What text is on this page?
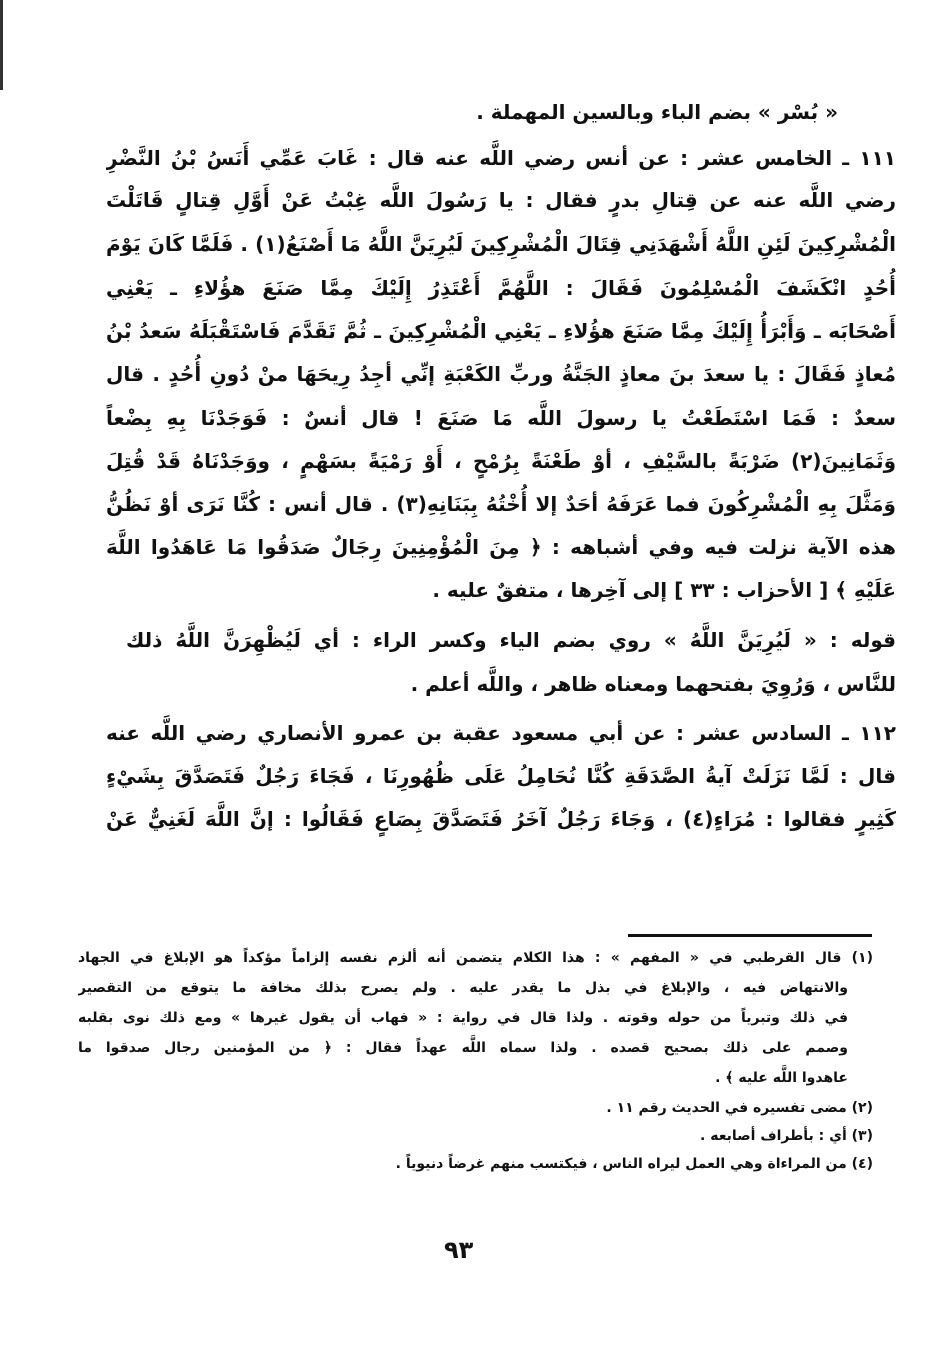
« بُسْر » بضم الباء وبالسين المهملة .
١١١ ـ الخامس عشر : عن أنس رضي اللَّه عنه قال : غَابَ عَمِّي أَنَسُ بْنُ النَّضْرِ
رضي اللَّه عنه عن قِتالِ بدرٍ فقال : يا رَسُولَ اللَّه غِبْتُ عَنْ أَوَّلِ قِتالٍ قَاتَلْتَ
الْمُشْرِكِينَ لَئِنِ اللَّهُ أَشْهَدَنِي قِتَالَ الْمُشْرِكِينَ لَيُرِيَنَّ اللَّهُ مَا أَصْنَعُ(١) . فَلَمَّا كَانَ يَوْمَ
أُحُدٍ انْكَشَفَ الْمُسْلِمُونَ فَقَالَ : اللَّهُمَّ أَعْتَذِرُ إِلَيْكَ مِمَّا صَنَعَ هؤُلاءِ ـ يَعْنِي
أَصْحَابَه ـ وَأَبْرَأُ إِلَيْكَ مِمَّا صَنَعَ هؤُلاءِ ـ يَعْنِي الْمُشْرِكِينَ ـ ثُمَّ تَقَدَّمَ فَاسْتَقْبَلَهُ سَعدُ بْنُ
مُعاذٍ فَقَالَ : يا سعدَ بنَ معاذٍ الجَنَّةُ وربِّ الكَعْبَةِ إنِّي أجِدُ رِيحَهَا منْ دُونِ أُحُدٍ . قال
سعدٌ : فَمَا اسْتَطَعْتُ يا رسولَ اللَّه مَا صَنَعَ ! قال أنسٌ : فَوَجَدْنَا بِهِ بِضْعاً
وَثَمَانِينَ(٢) ضَرْبَةً بالسَّيْفِ ، أوْ طَعْنَةً بِرُمْحٍ ، أَوْ رَمْيَةً بسَهْمٍ ، ووَجَدْنَاهُ قَدْ قُتِلَ
وَمَثَّلَ بِهِ الْمُشْرِكُونَ فما عَرَفَهُ أحَدٌ إلا أُخْتُهُ بِبَنَانِهِ(٣) . قال أنس : كُنَّا نَرَى أوْ نَظُنُّ
هذه الآية نزلت فيه وفي أشباهه : ﴿ مِنَ الْمُؤْمِنِينَ رِجَالٌ صَدَقُوا مَا عَاهَدُوا اللَّهَ
عَلَيْهِ ﴾ [ الأحزاب : ٣٣ ] إلى آخِرها ، متفقٌ عليه .
قوله : « لَيُرِيَنَّ اللَّهُ » روي بضم الياء وكسر الراء : أي لَيُظْهِرَنَّ اللَّهُ ذلك
للنَّاس ، وَرُوِيَ بفتحهما ومعناه ظاهر ، واللَّه أعلم .
١١٢ ـ السادس عشر : عن أبي مسعود عقبة بن عمرو الأنصاري رضي اللَّه عنه
قال : لَمَّا نَزَلَتْ آيةُ الصَّدَقَةِ كُنَّا نُحَامِلُ عَلَى ظُهُورِنَا ، فَجَاءَ رَجُلٌ فَتَصَدَّقَ بِشَيْءٍ
كَثِيرٍ فقالوا : مُرَاءٍ(٤) ، وَجَاءَ رَجُلٌ آخَرُ فَتَصَدَّقَ بِصَاعٍ فَقَالُوا : إنَّ اللَّهَ لَغَنِيٌّ عَنْ
(١) قال القرطبي في « المفهم » : هذا الكلام يتضمن أنه ألزم نفسه إلزاماً مؤكداً هو الإبلاغ في الجهاد
والانتهاض فيه ، والإبلاغ في بذل ما يقدر عليه . ولم يصرح بذلك مخافة ما يتوقع من التقصير
في ذلك وتبرياً من حوله وقوته . ولذا قال في رواية : « فهاب أن يقول غيرها » ومع ذلك نوى بقلبه
وصمم على ذلك بصحيح قصده . ولذا سماه اللَّه عهداً فقال : ﴿ من المؤمنين رجال صدقوا ما
عاهدوا اللَّه عليه ﴾ .
(٢) مضى تفسيره في الحديث رقم ١١ .
(٣) أي : بأطراف أصابعه .
(٤) من المراءاة وهي العمل ليراه الناس ، فيكتسب منهم غرضاً دنيوياً .
٩٣
